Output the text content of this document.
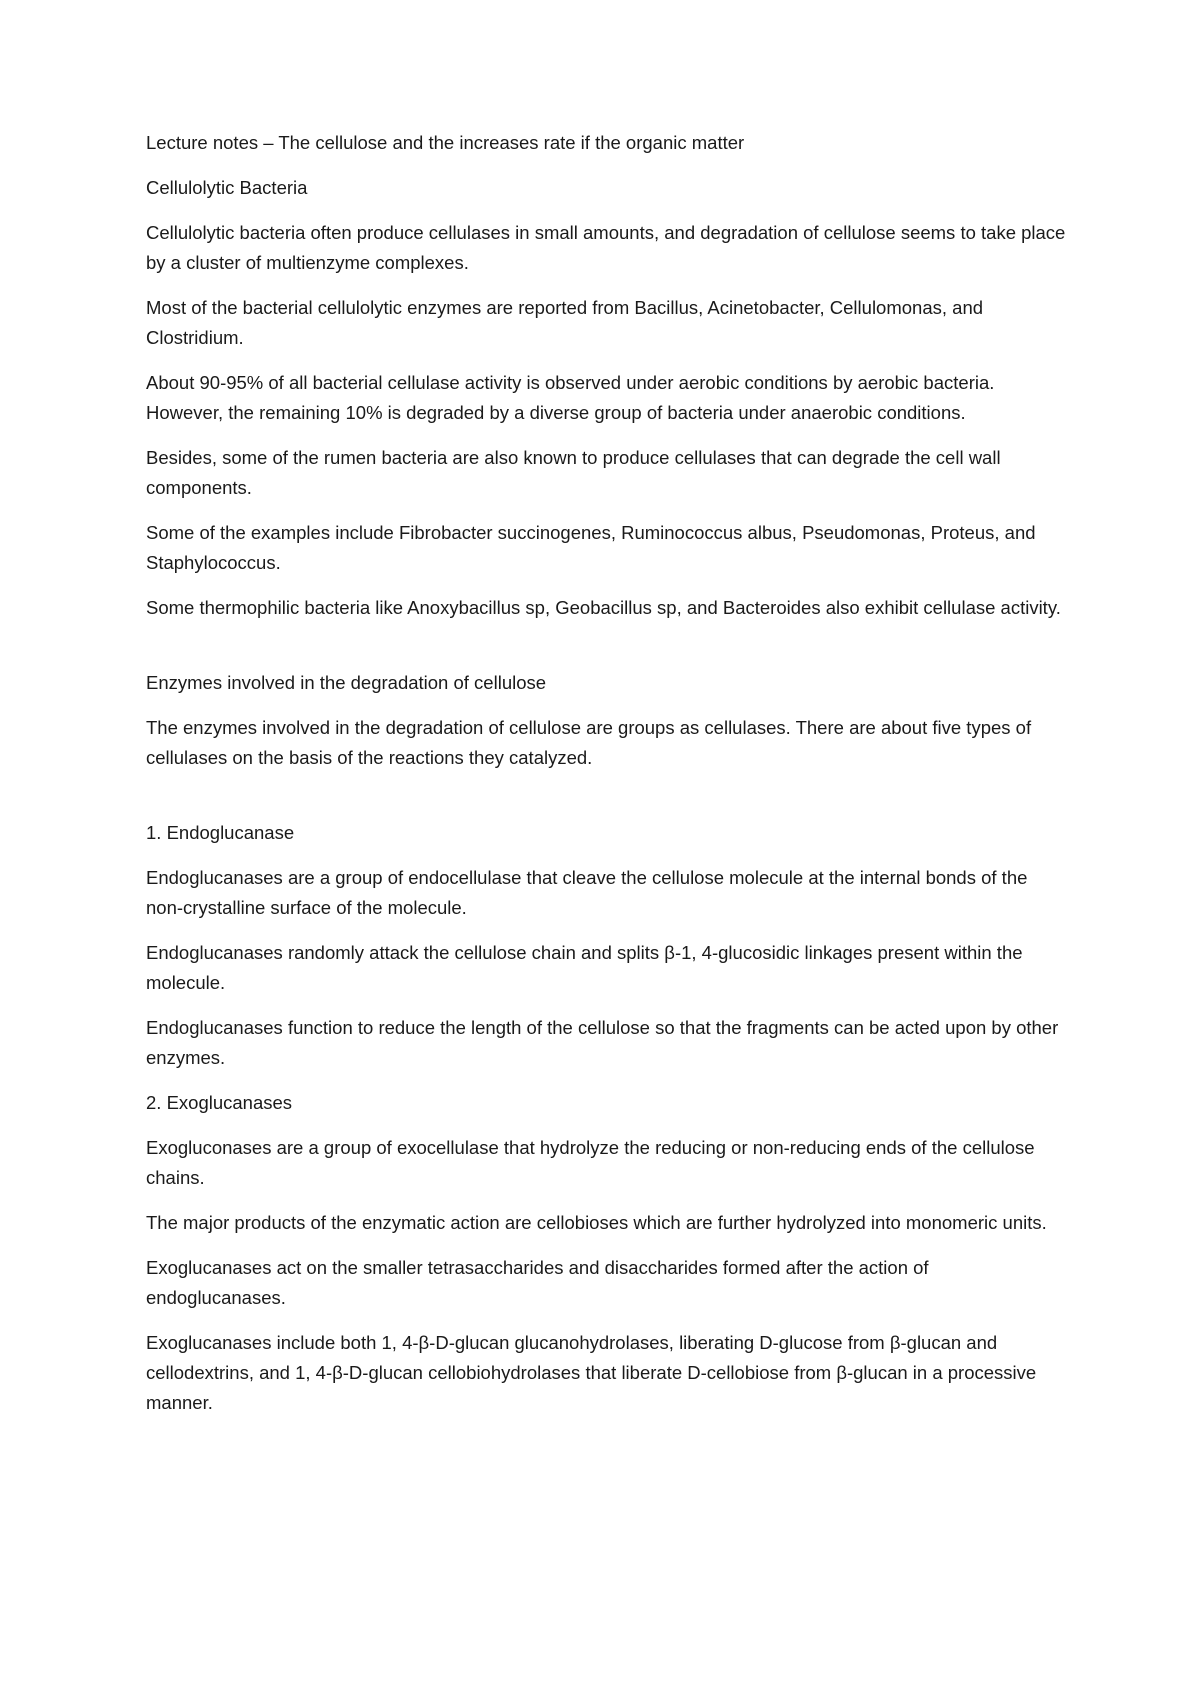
Lecture notes – The cellulose and the increases rate if the organic matter

Cellulolytic Bacteria

Cellulolytic bacteria often produce cellulases in small amounts, and degradation of cellulose seems to take place by a cluster of multienzyme complexes.

Most of the bacterial cellulolytic enzymes are reported from Bacillus, Acinetobacter, Cellulomonas, and Clostridium.

About 90-95% of all bacterial cellulase activity is observed under aerobic conditions by aerobic bacteria. However, the remaining 10% is degraded by a diverse group of bacteria under anaerobic conditions.

Besides, some of the rumen bacteria are also known to produce cellulases that can degrade the cell wall components.

Some of the examples include Fibrobacter succinogenes, Ruminococcus albus, Pseudomonas, Proteus, and Staphylococcus.

Some thermophilic bacteria like Anoxybacillus sp, Geobacillus sp, and Bacteroides also exhibit cellulase activity.

Enzymes involved in the degradation of cellulose

The enzymes involved in the degradation of cellulose are groups as cellulases. There are about five types of cellulases on the basis of the reactions they catalyzed.

1. Endoglucanase

Endoglucanases are a group of endocellulase that cleave the cellulose molecule at the internal bonds of the non-crystalline surface of the molecule.

Endoglucanases randomly attack the cellulose chain and splits β-1, 4-glucosidic linkages present within the molecule.

Endoglucanases function to reduce the length of the cellulose so that the fragments can be acted upon by other enzymes.

2. Exoglucanases

Exogluconases are a group of exocellulase that hydrolyze the reducing or non-reducing ends of the cellulose chains.

The major products of the enzymatic action are cellobioses which are further hydrolyzed into monomeric units.

Exoglucanases act on the smaller tetrasaccharides and disaccharides formed after the action of endoglucanases.

Exoglucanases include both 1, 4-β-D-glucan glucanohydrolases, liberating D-glucose from β-glucan and cellodextrins, and 1, 4-β-D-glucan cellobiohydrolases that liberate D-cellobiose from β-glucan in a processive manner.
